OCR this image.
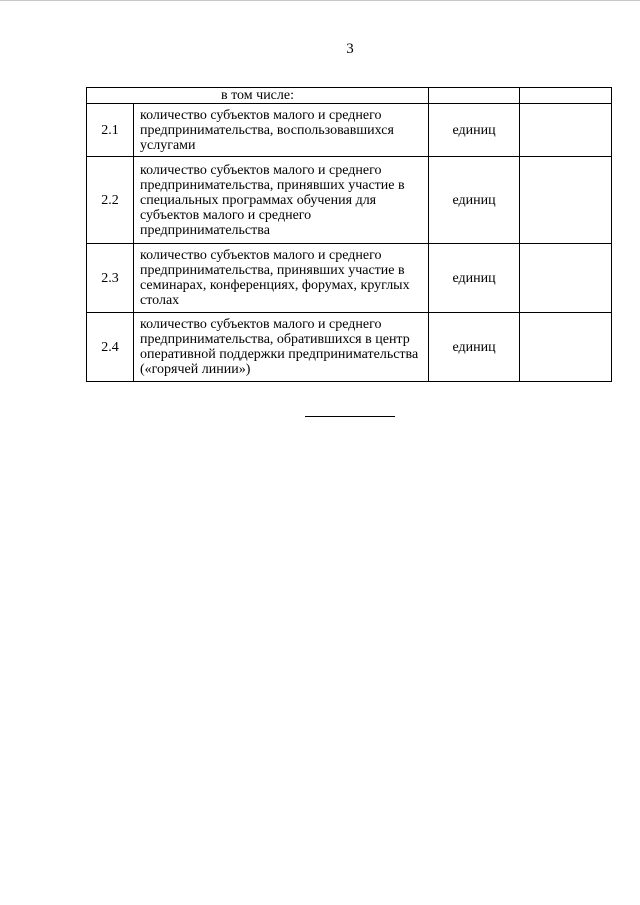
3
в том числе:			
2.1	количество субъектов малого и среднего предпринимательства, воспользовавшихся услугами	единиц	
2.2	количество субъектов малого и среднего предпринимательства, принявших участие в специальных программах обучения для субъектов малого и среднего предпринимательства	единиц	
2.3	количество субъектов малого и среднего предпринимательства, принявших участие в семинарах, конференциях, форумах, круглых столах	единиц	
2.4	количество субъектов малого и среднего предпринимательства, обратившихся в центр оперативной поддержки предпринимательства («горячей линии»)	единиц	
